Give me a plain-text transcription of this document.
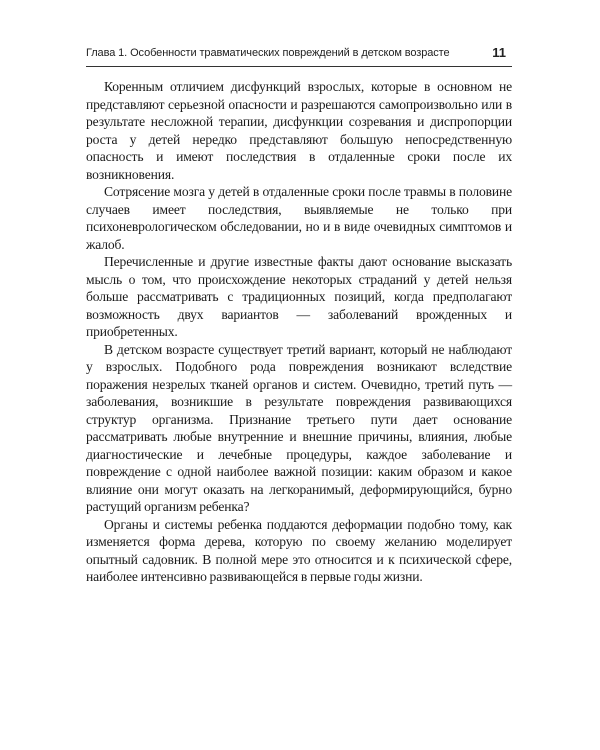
Глава 1. Особенности травматических повреждений в детском возрасте	11

Коренным отличием дисфункций взрослых, которые в основном не представляют серьезной опасности и разрешаются самопроизвольно или в результате несложной терапии, дисфункции созревания и диспропорции роста у детей нередко представляют большую непосредственную опасность и имеют последствия в отдаленные сроки после их возникновения.

Сотрясение мозга у детей в отдаленные сроки после травмы в половине случаев имеет последствия, выявляемые не только при психоневрологическом обследовании, но и в виде очевидных симптомов и жалоб.

Перечисленные и другие известные факты дают основание высказать мысль о том, что происхождение некоторых страданий у детей нельзя больше рассматривать с традиционных позиций, когда предполагают возможность двух вариантов — заболеваний врожденных и приобретенных.

В детском возрасте существует третий вариант, который не наблюдают у взрослых. Подобного рода повреждения возникают вследствие поражения незрелых тканей органов и систем. Очевидно, третий путь — заболевания, возникшие в результате повреждения развивающихся структур организма. Признание третьего пути дает основание рассматривать любые внутренние и внешние причины, влияния, любые диагностические и лечебные процедуры, каждое заболевание и повреждение с одной наиболее важной позиции: каким образом и какое влияние они могут оказать на легкоранимый, деформирующийся, бурно растущий организм ребенка?

Органы и системы ребенка поддаются деформации подобно тому, как изменяется форма дерева, которую по своему желанию моделирует опытный садовник. В полной мере это относится и к психической сфере, наиболее интенсивно развивающейся в первые годы жизни.
